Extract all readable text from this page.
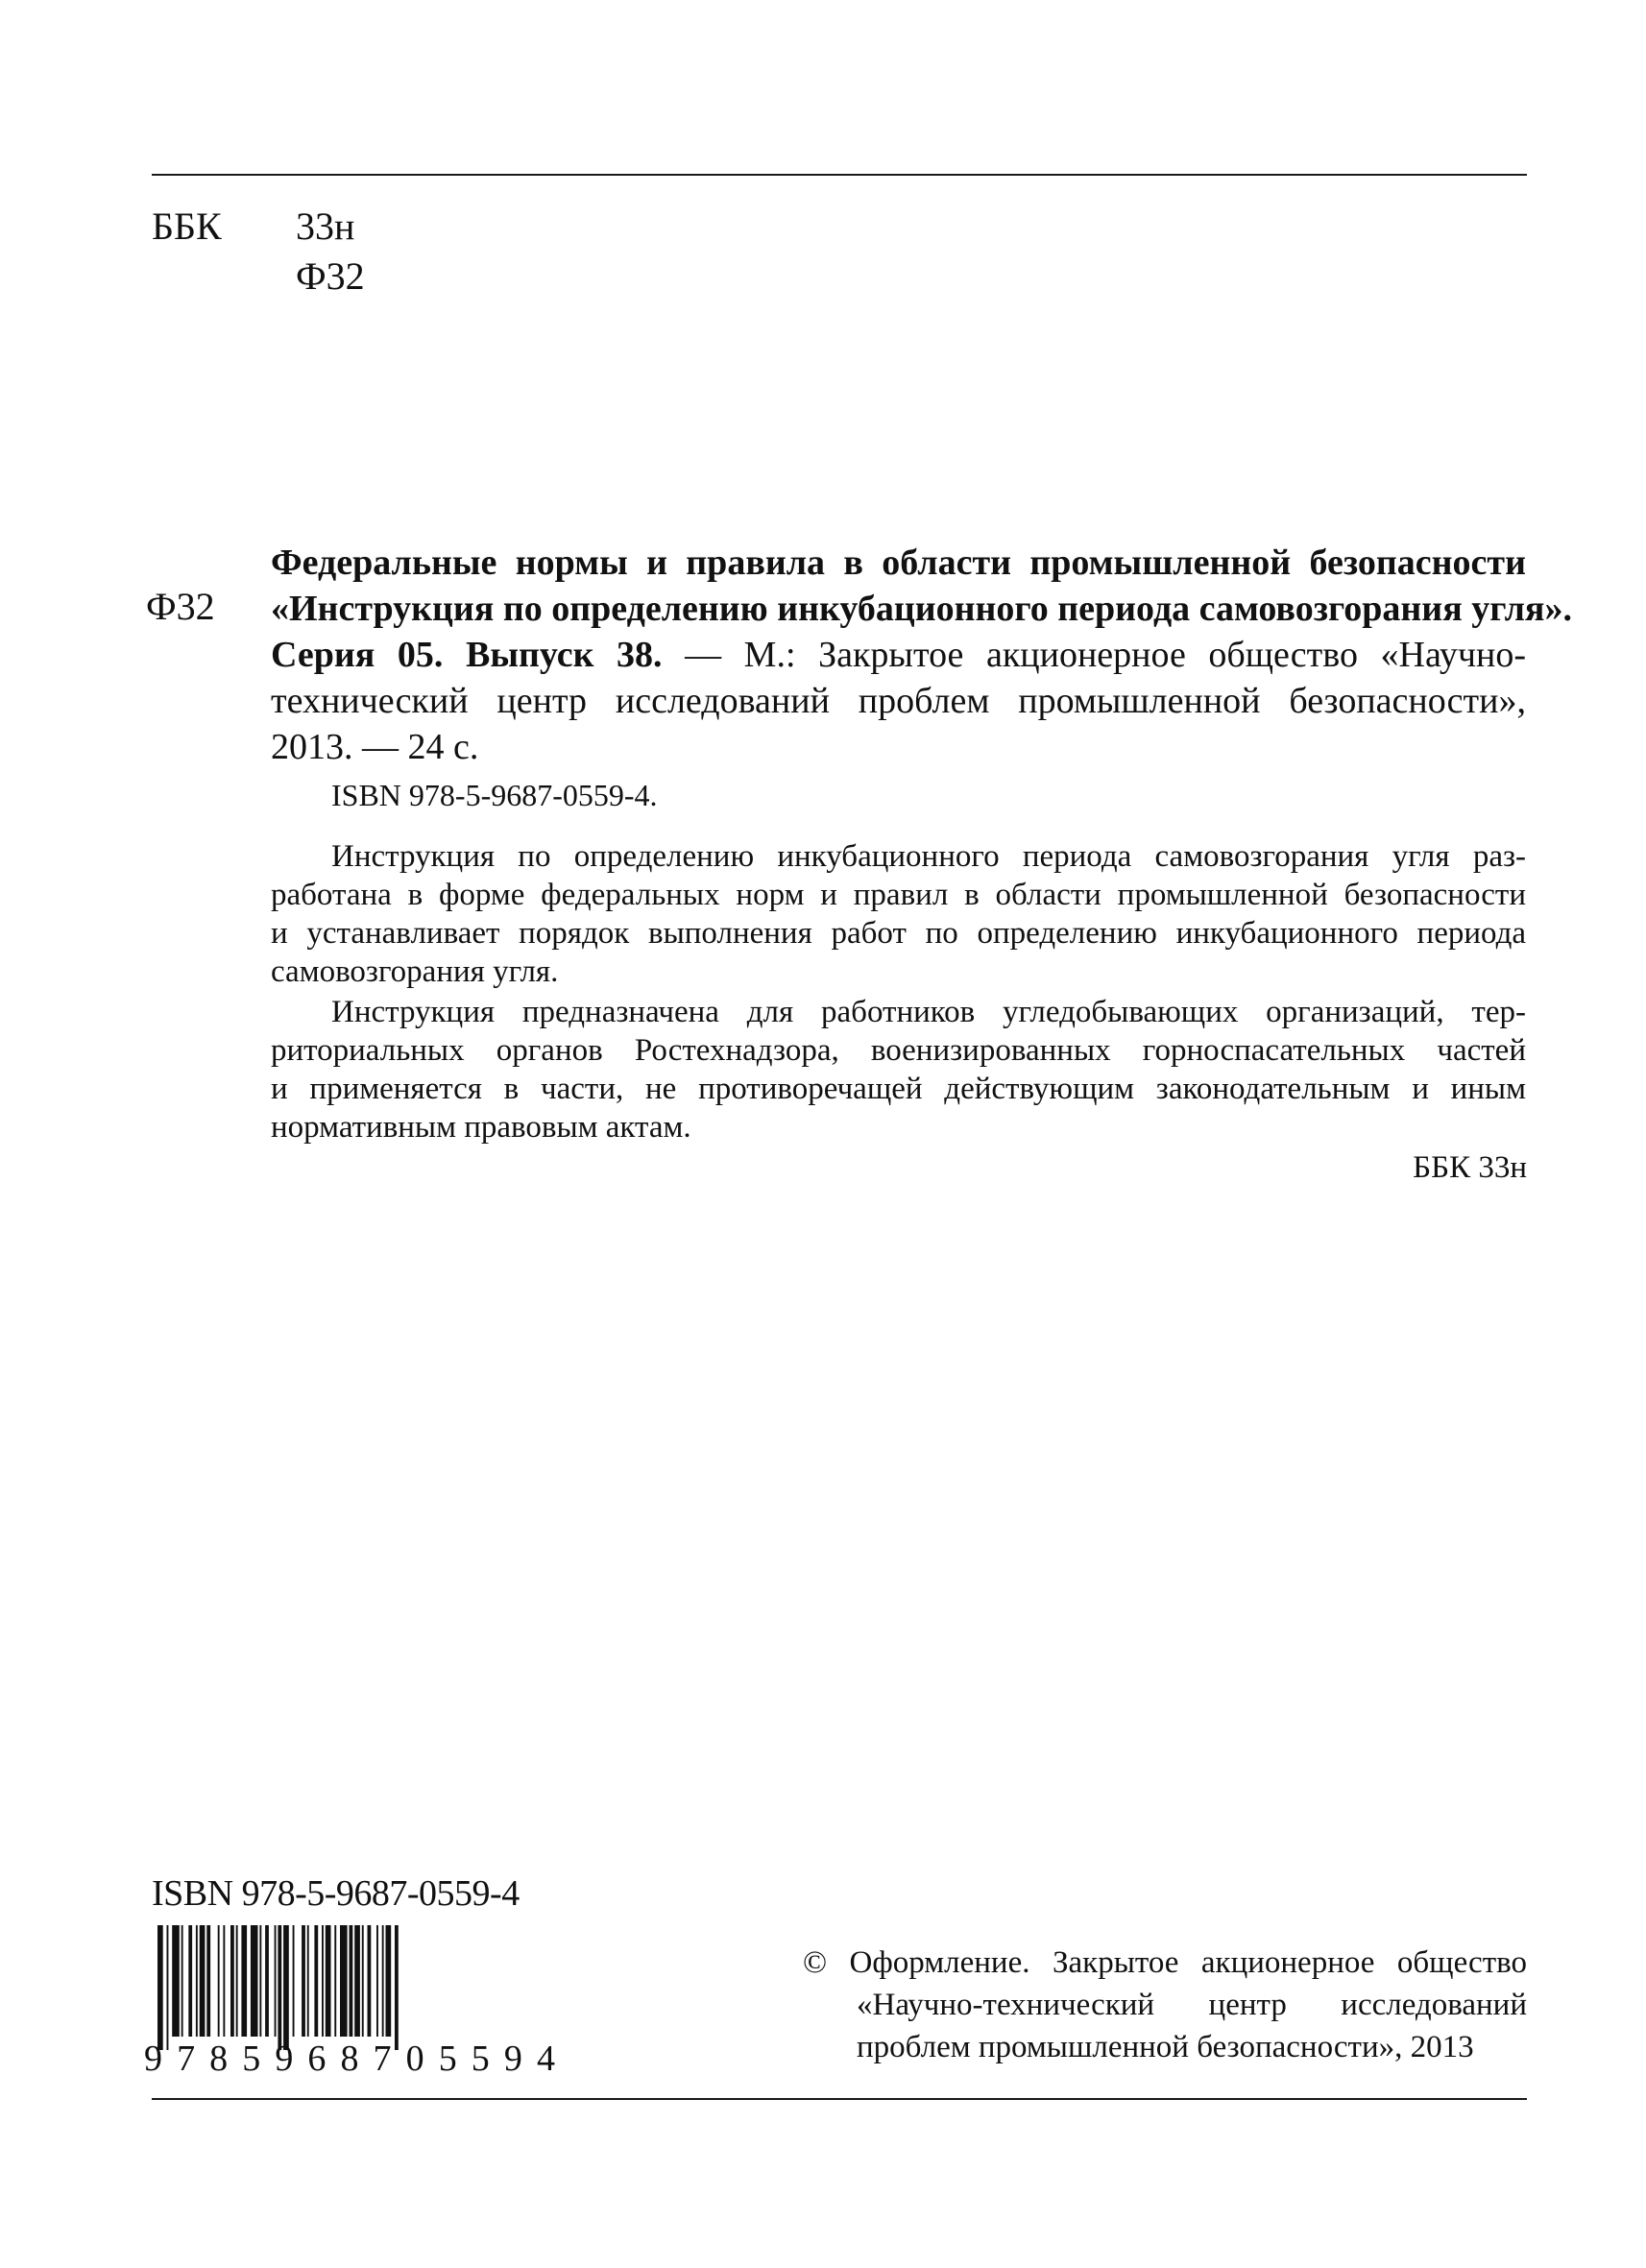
ББК 33н
Ф32
Ф32
Федеральные нормы и правила в области промышленной безопасности
«Инструкция по определению инкубационного периода самовозгорания угля».
Серия 05. Выпуск 38. — М.: Закрытое акционерное общество «Научно-
технический центр исследований проблем промышленной безопасности»,
2013. — 24 с.
ISBN 978-5-9687-0559-4.
Инструкция по определению инкубационного периода самовозгорания угля раз-
работана в форме федеральных норм и правил в области промышленной безопасности
и устанавливает порядок выполнения работ по определению инкубационного периода
самовозгорания угля.
Инструкция предназначена для работников угледобывающих организаций, тер-
риториальных органов Ростехнадзора, военизированных горноспасательных частей
и применяется в части, не противоречащей действующим законодательным и иным
нормативным правовым актам.
ББК 33н
ISBN 978-5-9687-0559-4
9 7 8 5 9 6 8 7 0 5 5 9 4
© Оформление. Закрытое акционерное общество
«Научно-технический центр исследований
проблем промышленной безопасности», 2013
